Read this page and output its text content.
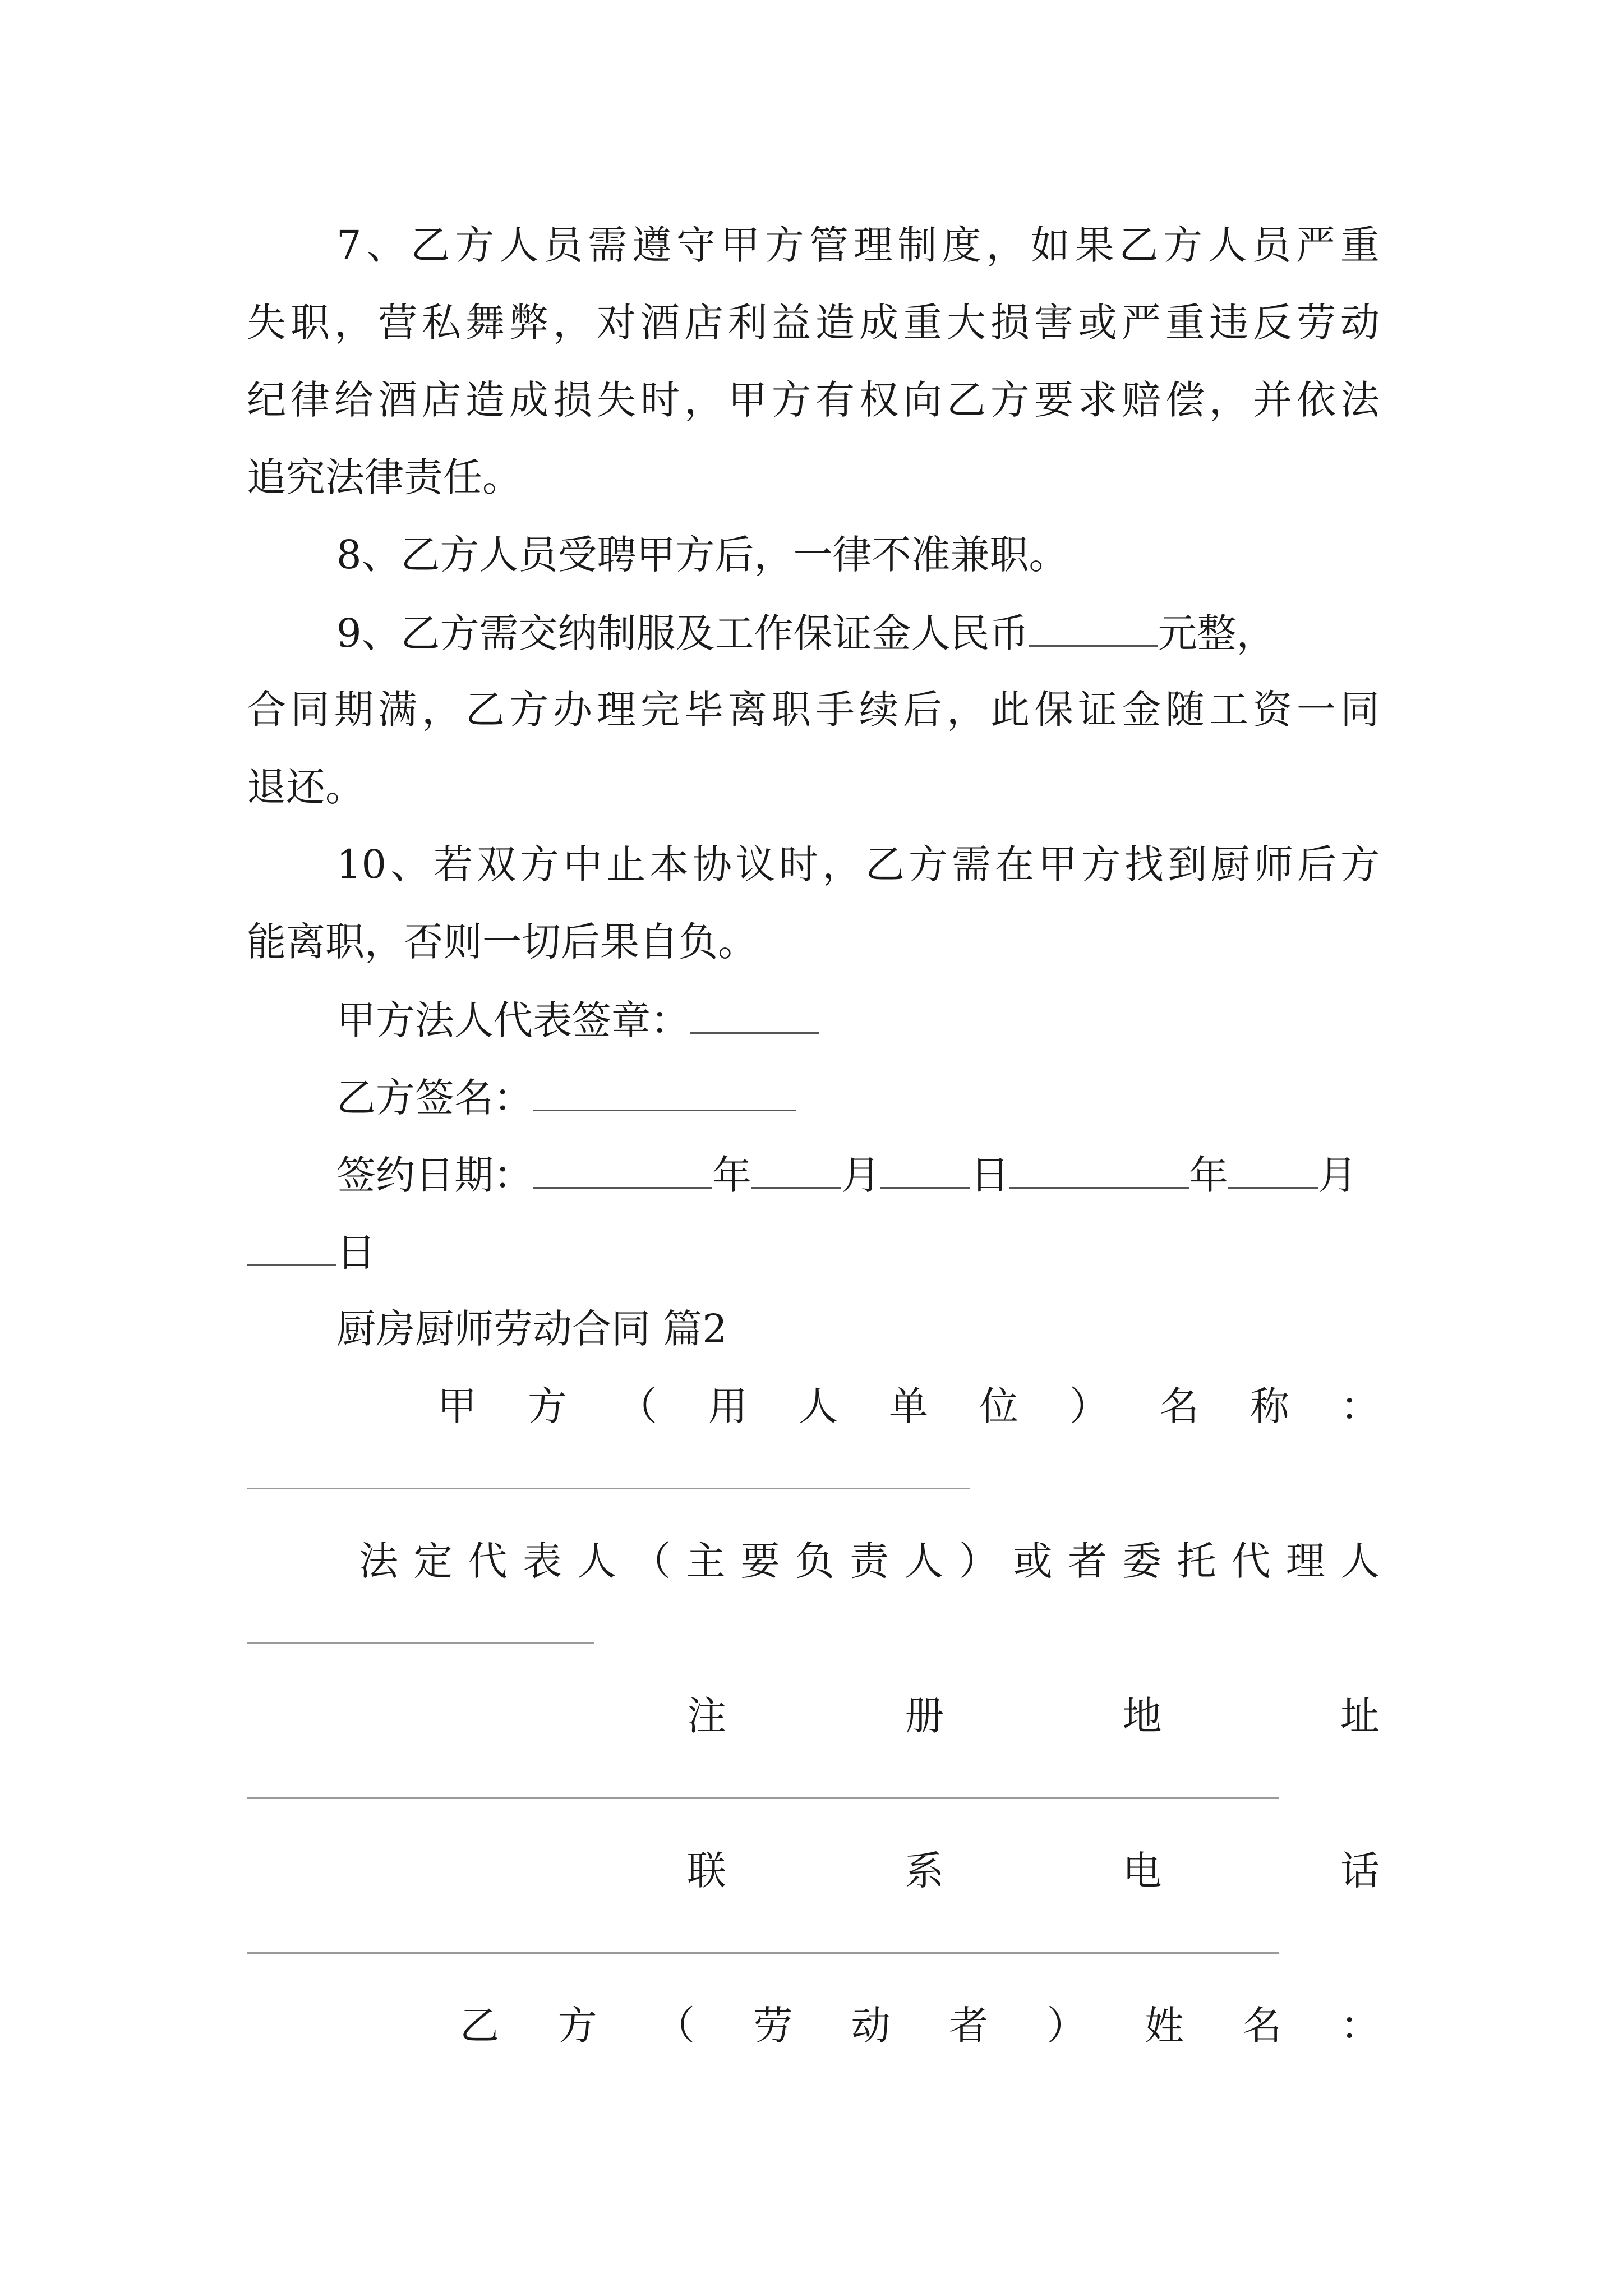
7、乙方人员需遵守甲方管理制度，如果乙方人员严重
失职，营私舞弊，对酒店利益造成重大损害或严重违反劳动
纪律给酒店造成损失时，甲方有权向乙方要求赔偿，并依法
追究法律责任。
8、乙方人员受聘甲方后，一律不准兼职。
9、乙方需交纳制服及工作保证金人民币	元整，
合同期满，乙方办理完毕离职手续后，此保证金随工资一同
退还。
10、若双方中止本协议时，乙方需在甲方找到厨师后方
能离职，否则一切后果自负。
甲方法人代表签章：
乙方签名：
签约日期：	年 月 日	年 月
日
厨房厨师劳动合同 篇2
甲方（用人单位）名称：
法定代表人（主要负责人）或者委托代理人
注册地址
联系电话
乙方（劳动者）姓名：
